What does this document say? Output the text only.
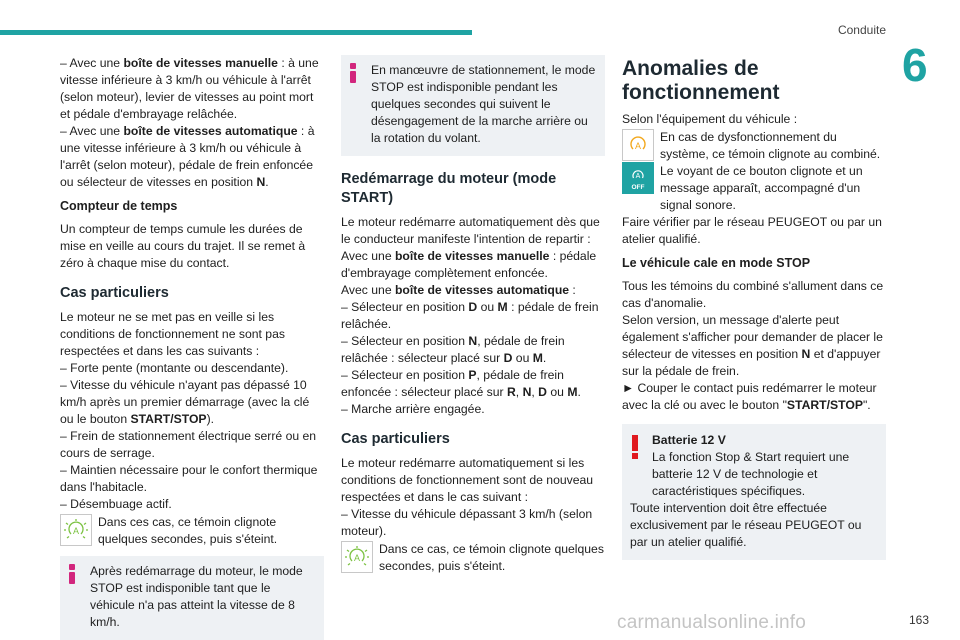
Conduite
6

– Avec une boîte de vitesses manuelle : à une vitesse inférieure à 3 km/h ou véhicule à l'arrêt (selon moteur), levier de vitesses au point mort et pédale d'embrayage relâchée.

– Avec une boîte de vitesses automatique : à une vitesse inférieure à 3 km/h ou véhicule à l'arrêt (selon moteur), pédale de frein enfoncée ou sélecteur de vitesses en position N.

Compteur de temps

Un compteur de temps cumule les durées de mise en veille au cours du trajet. Il se remet à zéro à chaque mise du contact.

Cas particuliers

Le moteur ne se met pas en veille si les conditions de fonctionnement ne sont pas respectées et dans les cas suivants :

– Forte pente (montante ou descendante).

– Vitesse du véhicule n'ayant pas dépassé 10 km/h après un premier démarrage (avec la clé ou le bouton START/STOP).

– Frein de stationnement électrique serré ou en cours de serrage.

– Maintien nécessaire pour le confort thermique dans l'habitacle.

– Désembuage actif.

A

Dans ces cas, ce témoin clignote quelques secondes, puis s'éteint.

Après redémarrage du moteur, le mode STOP est indisponible tant que le véhicule n'a pas atteint la vitesse de 8 km/h.

En manœuvre de stationnement, le mode STOP est indisponible pendant les quelques secondes qui suivent le désengagement de la marche arrière ou la rotation du volant.

Redémarrage du moteur (mode START)

Le moteur redémarre automatiquement dès que le conducteur manifeste l'intention de repartir :

Avec une boîte de vitesses manuelle : pédale d'embrayage complètement enfoncée.

Avec une boîte de vitesses automatique :

– Sélecteur en position D ou M : pédale de frein relâchée.

– Sélecteur en position N, pédale de frein relâchée : sélecteur placé sur D ou M.

– Sélecteur en position P, pédale de frein enfoncée : sélecteur placé sur R, N, D ou M.

– Marche arrière engagée.

Cas particuliers

Le moteur redémarre automatiquement si les conditions de fonctionnement sont de nouveau respectées et dans le cas suivant :

– Vitesse du véhicule dépassant 3 km/h (selon moteur).

A

Dans ce cas, ce témoin clignote quelques secondes, puis s'éteint.

Anomalies de fonctionnement

Selon l'équipement du véhicule :

A
A
OFF

En cas de dysfonctionnement du système, ce témoin clignote au combiné.

Le voyant de ce bouton clignote et un message apparaît, accompagné d'un signal sonore.

Faire vérifier par le réseau PEUGEOT ou par un atelier qualifié.

Le véhicule cale en mode STOP

Tous les témoins du combiné s'allument dans ce cas d'anomalie.

Selon version, un message d'alerte peut également s'afficher pour demander de placer le sélecteur de vitesses en position N et d'appuyer sur la pédale de frein.

► Couper le contact puis redémarrer le moteur avec la clé ou avec le bouton "START/STOP".

Batterie 12 V

La fonction Stop & Start requiert une batterie 12 V de technologie et caractéristiques spécifiques.

Toute intervention doit être effectuée exclusivement par le réseau PEUGEOT ou par un atelier qualifié.

carmanualsonline.info	163
